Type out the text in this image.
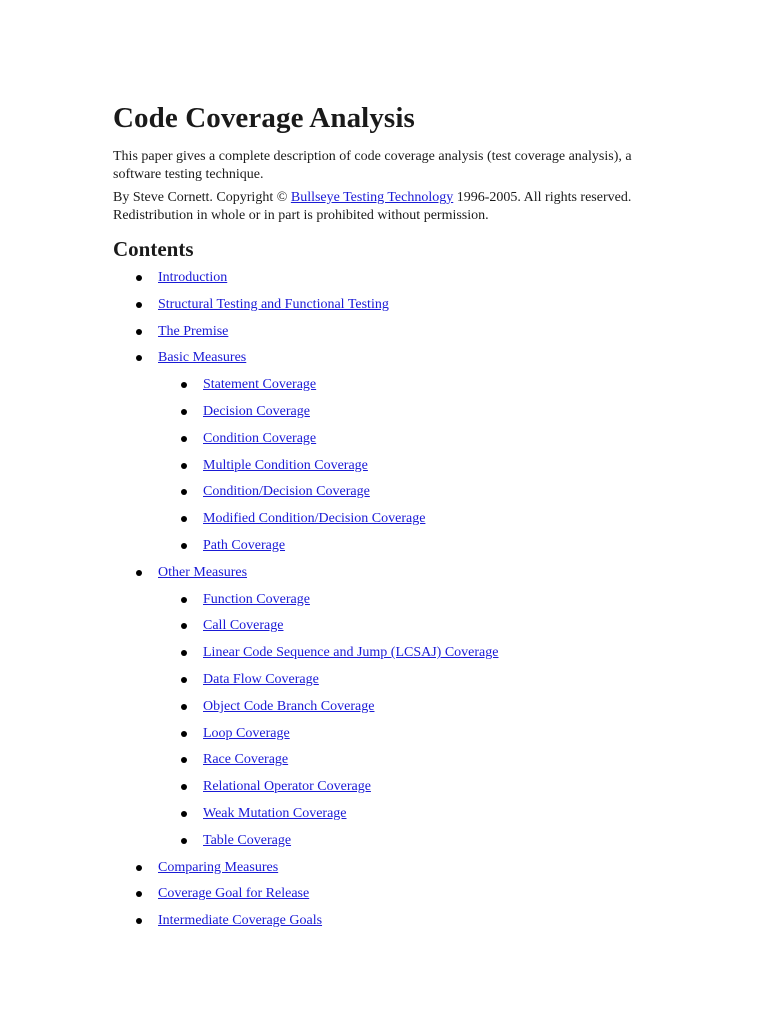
Code Coverage Analysis

This paper gives a complete description of code coverage analysis (test coverage analysis), a software testing technique.

By Steve Cornett. Copyright © Bullseye Testing Technology 1996-2005. All rights reserved. Redistribution in whole or in part is prohibited without permission.

Contents
Introduction
Structural Testing and Functional Testing
The Premise
Basic Measures
Statement Coverage
Decision Coverage
Condition Coverage
Multiple Condition Coverage
Condition/Decision Coverage
Modified Condition/Decision Coverage
Path Coverage
Other Measures
Function Coverage
Call Coverage
Linear Code Sequence and Jump (LCSAJ) Coverage
Data Flow Coverage
Object Code Branch Coverage
Loop Coverage
Race Coverage
Relational Operator Coverage
Weak Mutation Coverage
Table Coverage
Comparing Measures
Coverage Goal for Release
Intermediate Coverage Goals
